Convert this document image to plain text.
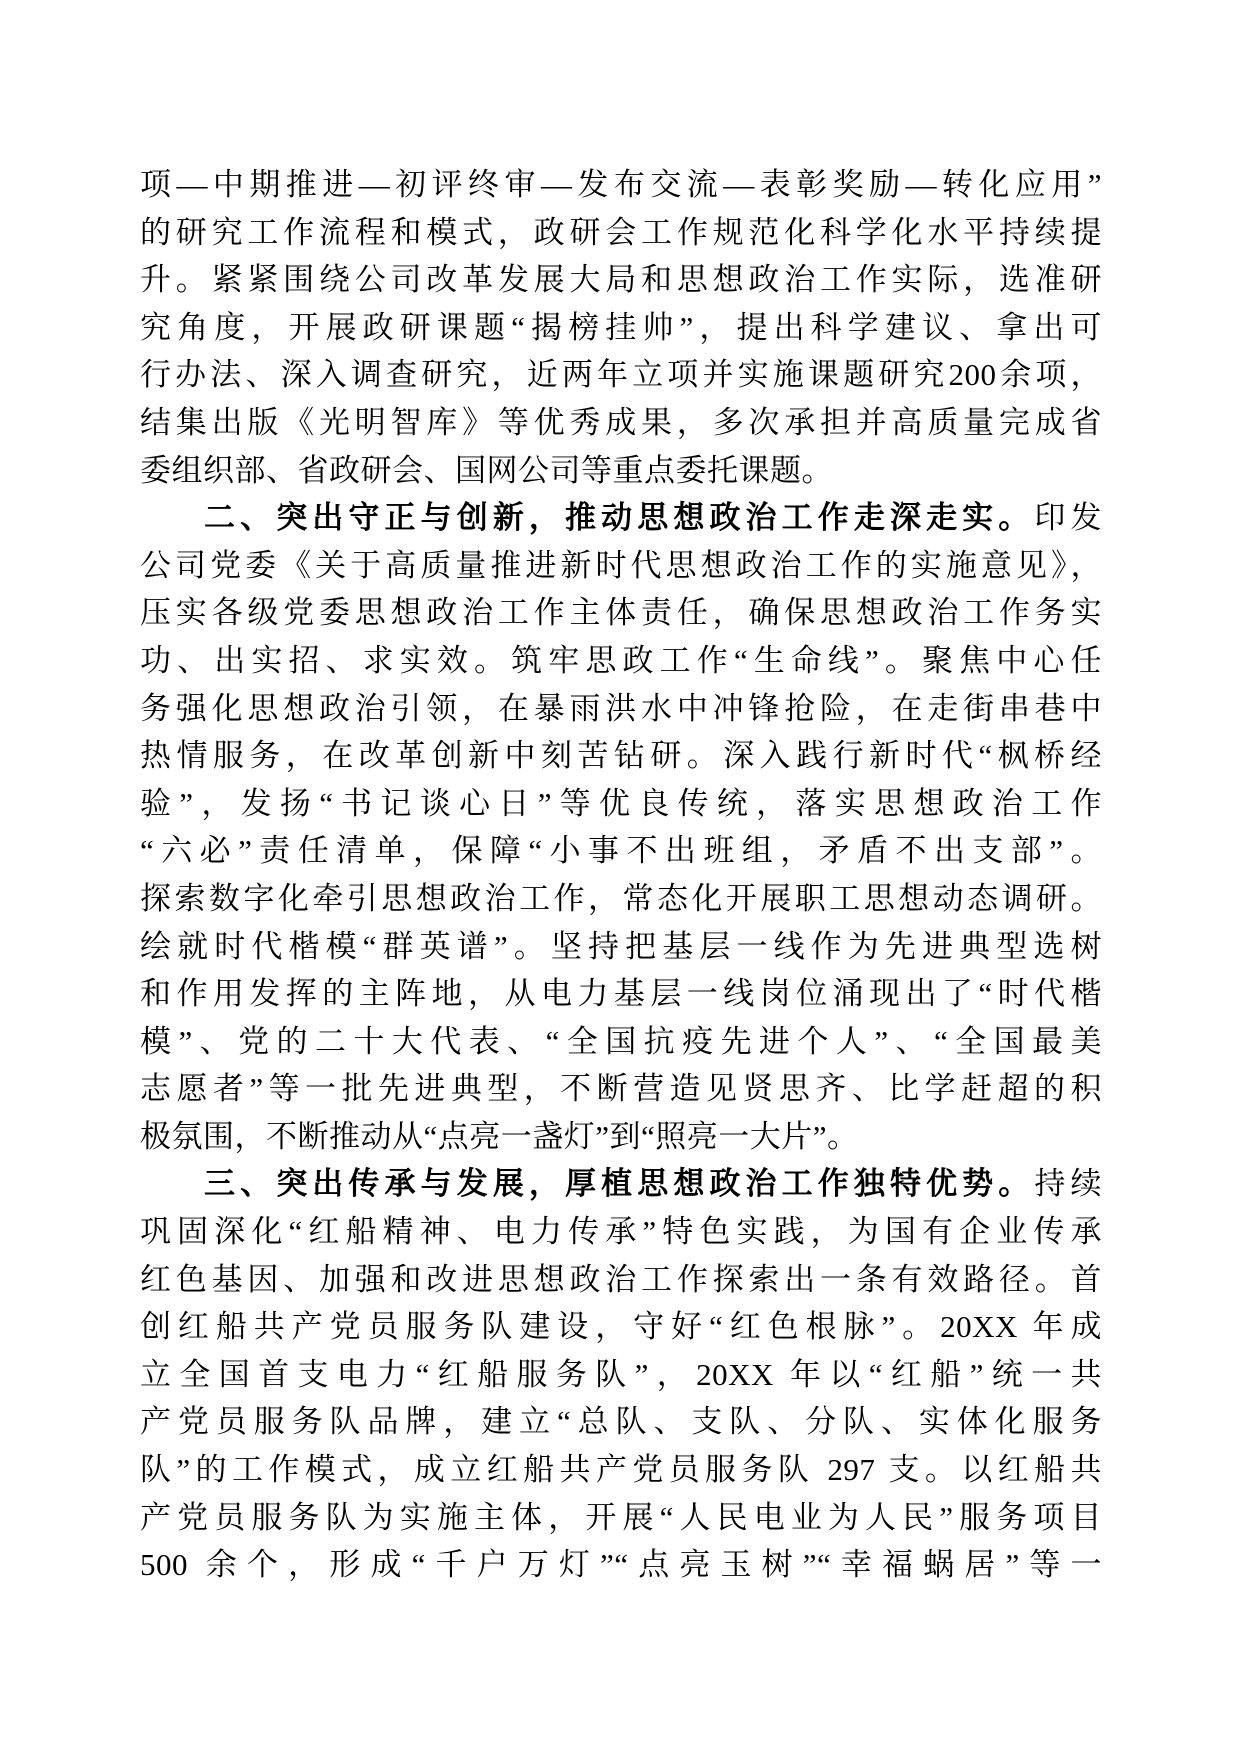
项—中期推进—初评终审—发布交流—表彰奖励—转化应用”
的研究工作流程和模式，政研会工作规范化科学化水平持续提
升。紧紧围绕公司改革发展大局和思想政治工作实际，选准研
究角度，开展政研课题“揭榜挂帅”，提出科学建议、拿出可
行办法、深入调查研究，近两年立项并实施课题研究200余项，
结集出版《光明智库》等优秀成果，多次承担并高质量完成省
委组织部、省政研会、国网公司等重点委托课题。
二、突出守正与创新，推动思想政治工作走深走实。印发
公司党委《关于高质量推进新时代思想政治工作的实施意见》，
压实各级党委思想政治工作主体责任，确保思想政治工作务实
功、出实招、求实效。筑牢思政工作“生命线”。聚焦中心任
务强化思想政治引领，在暴雨洪水中冲锋抢险，在走街串巷中
热情服务，在改革创新中刻苦钻研。深入践行新时代“枫桥经
验”，发扬“书记谈心日”等优良传统，落实思想政治工作
“六必”责任清单，保障“小事不出班组，矛盾不出支部”。
探索数字化牵引思想政治工作，常态化开展职工思想动态调研。
绘就时代楷模“群英谱”。坚持把基层一线作为先进典型选树
和作用发挥的主阵地，从电力基层一线岗位涌现出了“时代楷
模”、党的二十大代表、“全国抗疫先进个人”、“全国最美
志愿者”等一批先进典型，不断营造见贤思齐、比学赶超的积
极氛围，不断推动从“点亮一盏灯”到“照亮一大片”。
三、突出传承与发展，厚植思想政治工作独特优势。持续
巩固深化“红船精神、电力传承”特色实践，为国有企业传承
红色基因、加强和改进思想政治工作探索出一条有效路径。首
创红船共产党员服务队建设，守好“红色根脉”。20XX 年成
立全国首支电力“红船服务队”，20XX 年以“红船”统一共
产党员服务队品牌，建立“总队、支队、分队、实体化服务
队”的工作模式，成立红船共产党员服务队 297 支。以红船共
产党员服务队为实施主体，开展“人民电业为人民”服务项目
500 余个，形成“千户万灯”“点亮玉树”“幸福蜗居”等一
